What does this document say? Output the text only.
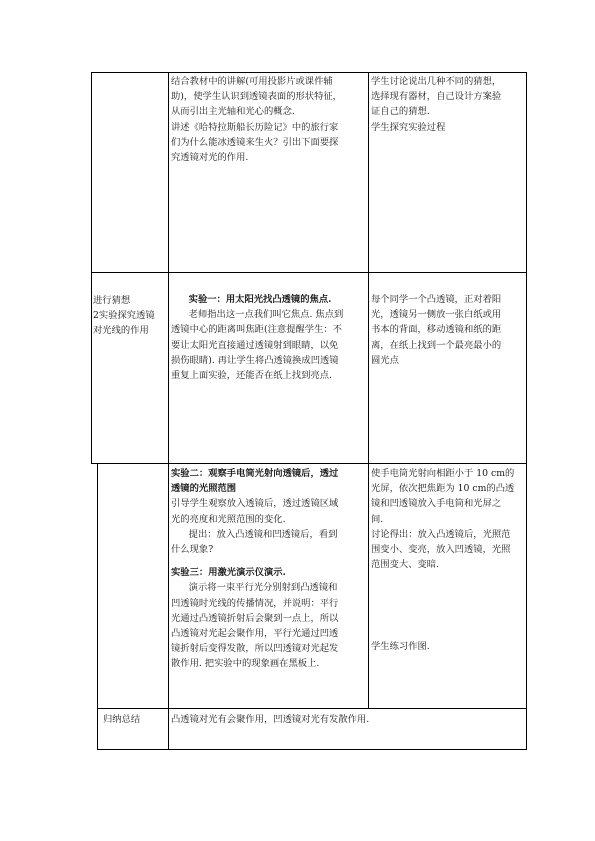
结合教材中的讲解(可用投影片或课件辅

助)，使学生认识到透镜表面的形状特征，

从而引出主光轴和光心的概念.

讲述《哈特拉斯船长历险记》中的旅行家

们为什么能冰透镜来生火？引出下面要探

究透镜对光的作用.

学生讨论说出几种不同的猜想，

选择现有器材，自己设计方案验

证自己的猜想.

学生探究实验过程

进行猜想

2实验探究透镜

对光线的作用

实验一：用太阳光找凸透镜的焦点.

老师指出这一点我们叫它焦点. 焦点到

透镜中心的距离叫焦距(注意提醒学生：不

要让太阳光直接通过透镜射到眼睛，以免

损伤眼睛). 再让学生将凸透镜换成凹透镜

重复上面实验，还能否在纸上找到亮点.

每个同学一个凸透镜，正对着阳

光，透镜另一侧放一张白纸或用

书本的背面，移动透镜和纸的距

离，在纸上找到一个最亮最小的

圆光点

实验二：观察手电筒光射向透镜后，透过

透镜的光照范围

引导学生观察放入透镜后，透过透镜区域

光的亮度和光照范围的变化.

提出：放入凸透镜和凹透镜后，看到

什么现象?

实验三：用激光演示仪演示.

演示将一束平行光分别射到凸透镜和

凹透镜时光线的传播情况，并说明：平行

光通过凸透镜折射后会聚到一点上，所以

凸透镜对光起会聚作用，平行光通过凹透

镜折射后变得发散，所以凹透镜对光起发

散作用. 把实验中的现象画在黑板上.

使手电筒光射向相距小于 10 cm的

光屏，依次把焦距为 10 cm的凸透

镜和凹透镜放入手电筒和光屏之

间.

讨论得出：放入凸透镜后，光照范

围变小、变亮，放入凹透镜，光照

范围变大、变暗.

学生练习作图.

归纳总结	凸透镜对光有会聚作用，凹透镜对光有发散作用.
